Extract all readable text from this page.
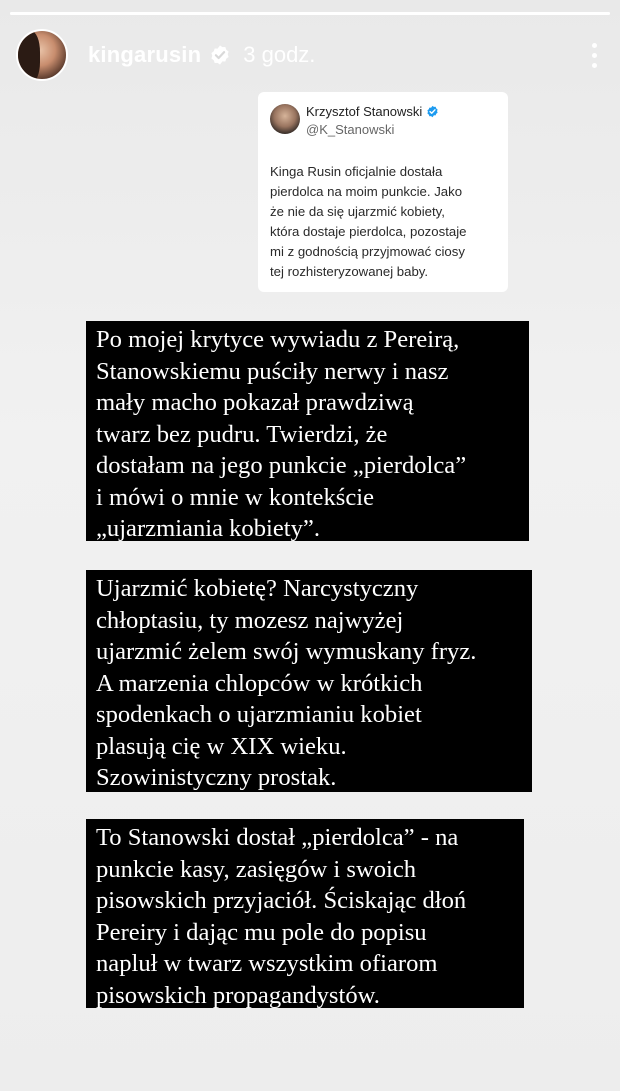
kingarusin 3 godz.
Krzysztof Stanowski
@K_Stanowski
Kinga Rusin oficjalnie dostała
pierdolca na moim punkcie. Jako
że nie da się ujarzmić kobiety,
która dostaje pierdolca, pozostaje
mi z godnością przyjmować ciosy
tej rozhisteryzowanej baby.

Po mojej krytyce wywiadu z Pereirą,

Stanowskiemu puściły nerwy i nasz

mały macho pokazał prawdziwą

twarz bez pudru. Twierdzi, że

dostałam na jego punkcie „pierdolca”

i mówi o mnie w kontekście

„ujarzmiania kobiety”.

Ujarzmić kobietę? Narcystyczny

chłoptasiu, ty mozesz najwyżej

ujarzmić żelem swój wymuskany fryz.

A marzenia chlopców w krótkich

spodenkach o ujarzmianiu kobiet

plasują cię w XIX wieku.

Szowinistyczny prostak.

To Stanowski dostał „pierdolca” - na

punkcie kasy, zasięgów i swoich

pisowskich przyjaciół. Ściskając dłoń

Pereiry i dając mu pole do popisu

napluł w twarz wszystkim ofiarom

pisowskich propagandystów.
